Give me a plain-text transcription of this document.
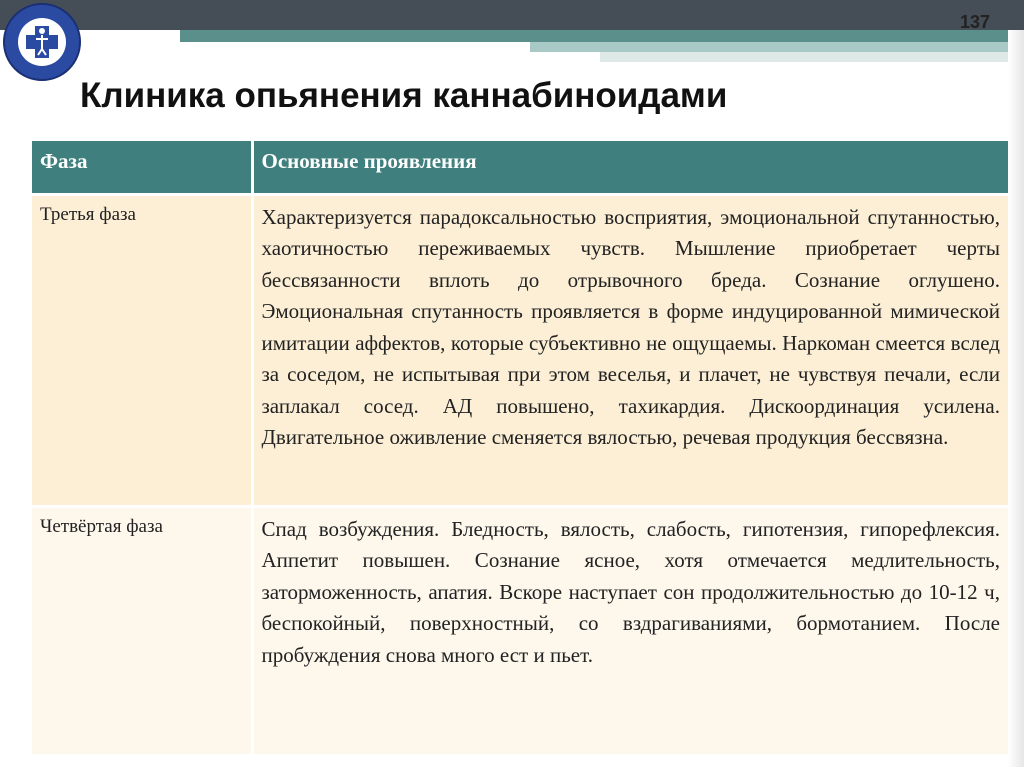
137
Клиника опьянения каннабиноидами
Фаза	Основные проявления
Третья фаза	Характеризуется парадоксальностью восприятия, эмоциональной спутанностью, хаотичностью переживаемых чувств. Мышление приобретает черты бессвязанности вплоть до отрывочного бреда. Сознание оглушено. Эмоциональная спутанность проявляется в форме индуцированной мимической имитации аффектов, которые субъективно не ощущаемы. Наркоман смеется вслед за соседом, не испытывая при этом веселья, и плачет, не чувствуя печали, если заплакал сосед. АД повышено, тахикардия. Дискоординация усилена. Двигательное оживление сменяется вялостью, речевая продукция бессвязна.
Четвёртая фаза	Спад возбуждения. Бледность, вялость, слабость, гипотензия, гипорефлексия. Аппетит повышен. Сознание ясное, хотя отмечается медлительность, заторможенность, апатия. Вскоре наступает сон продолжительностью до 10-12 ч, беспокойный, поверхностный, со вздрагиваниями, бормотанием. После пробуждения снова много ест и пьет.
